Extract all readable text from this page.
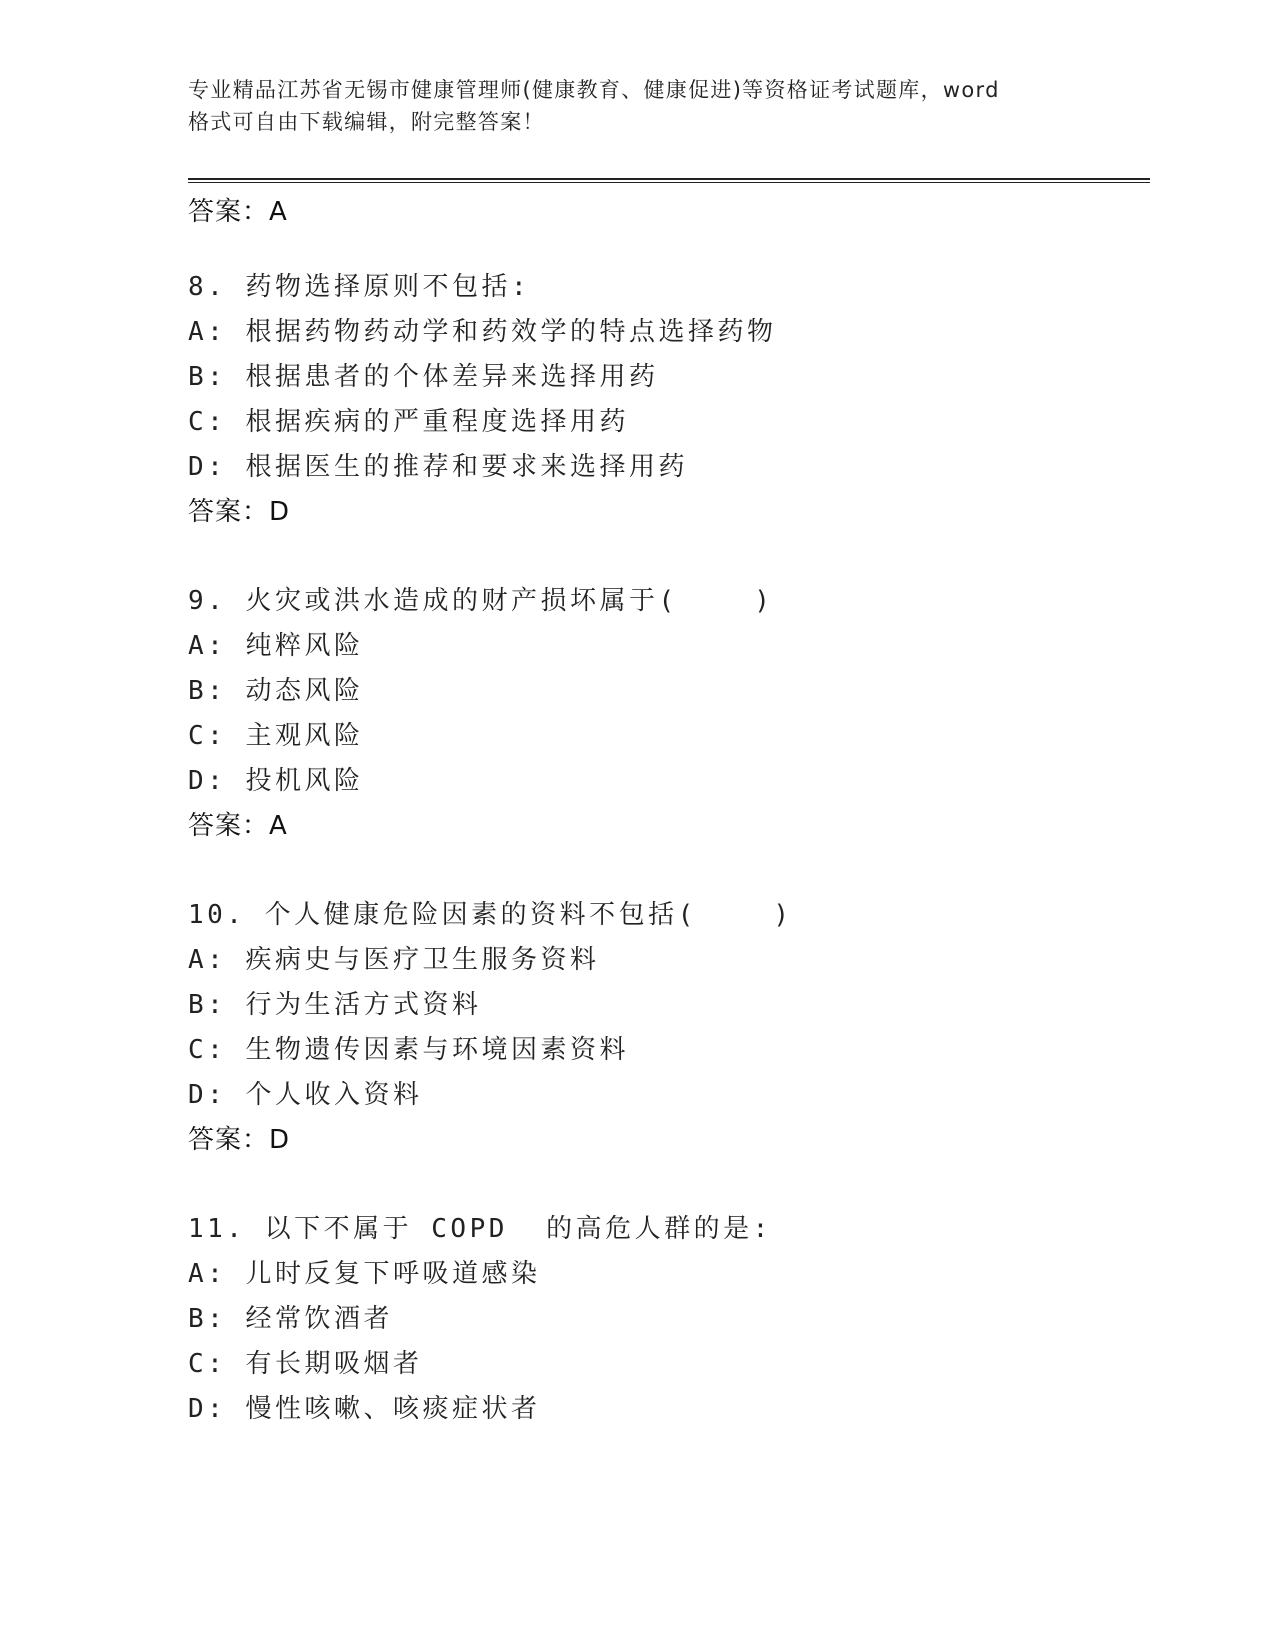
专业精品江苏省无锡市健康管理师(健康教育、健康促进)等资格证考试题库，word
格式可自由下载编辑，附完整答案！
答案：A
8. 药物选择原则不包括:
A: 根据药物药动学和药效学的特点选择药物
B: 根据患者的个体差异来选择用药
C: 根据疾病的严重程度选择用药
D: 根据医生的推荐和要求来选择用药
答案：D
9. 火灾或洪水造成的财产损坏属于(    )
A: 纯粹风险
B: 动态风险
C: 主观风险
D: 投机风险
答案：A
10. 个人健康危险因素的资料不包括(    )
A: 疾病史与医疗卫生服务资料
B: 行为生活方式资料
C: 生物遗传因素与环境因素资料
D: 个人收入资料
答案：D
11. 以下不属于 COPD  的高危人群的是:
A: 儿时反复下呼吸道感染
B: 经常饮酒者
C: 有长期吸烟者
D: 慢性咳嗽、咳痰症状者
